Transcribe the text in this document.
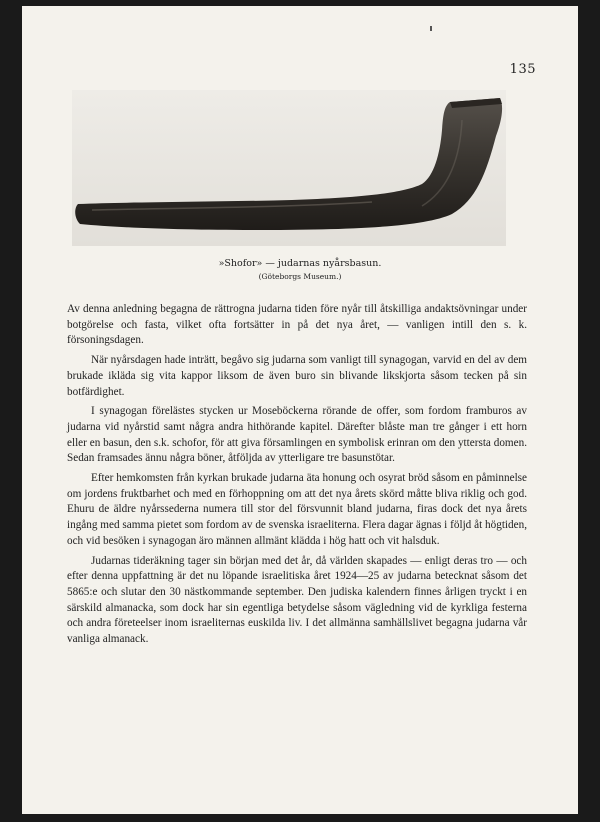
135
»Shofor» — judarnas nyårsbasun.
(Göteborgs Museum.)

Av denna anledning begagna de rättrogna judarna tiden före nyår till åtskilliga andaktsövningar under botgörelse och fasta, vilket ofta fortsätter in på det nya året, — vanligen intill den s. k. försoningsdagen.

När nyårsdagen hade inträtt, begåvo sig judarna som vanligt till synagogan, varvid en del av dem brukade ikläda sig vita kappor liksom de även buro sin blivande likskjorta såsom tecken på sin botfärdighet.

I synagogan förelästes stycken ur Moseböckerna rörande de offer, som fordom framburos av judarna vid nyårstid samt några andra hithörande kapitel. Därefter blåste man tre gånger i ett horn eller en basun, den s.k. schofor, för att giva församlingen en symbolisk erinran om den yttersta domen. Sedan framsades ännu några böner, åtföljda av ytterligare tre basunstötar.

Efter hemkomsten från kyrkan brukade judarna äta honung och osyrat bröd såsom en påminnelse om jordens fruktbarhet och med en förhoppning om att det nya årets skörd måtte bliva riklig och god. Ehuru de äldre nyårssederna numera till stor del försvunnit bland judarna, firas dock det nya årets ingång med samma pietet som fordom av de svenska israeliterna. Flera dagar ägnas i följd åt högtiden, och vid besöken i synagogan äro männen allmänt klädda i hög hatt och vit halsduk.

Judarnas tideräkning tager sin början med det år, då världen skapades — enligt deras tro — och efter denna uppfattning är det nu löpande israelitiska året 1924—25 av judarna betecknat såsom det 5865:e och slutar den 30 nästkommande september. Den judiska kalendern finnes årligen tryckt i en särskild almanacka, som dock har sin egentliga betydelse såsom vägledning vid de kyrkliga festerna och andra företeelser inom israeliternas euskilda liv. I det allmänna samhällslivet begagna judarna vår vanliga almanack.
